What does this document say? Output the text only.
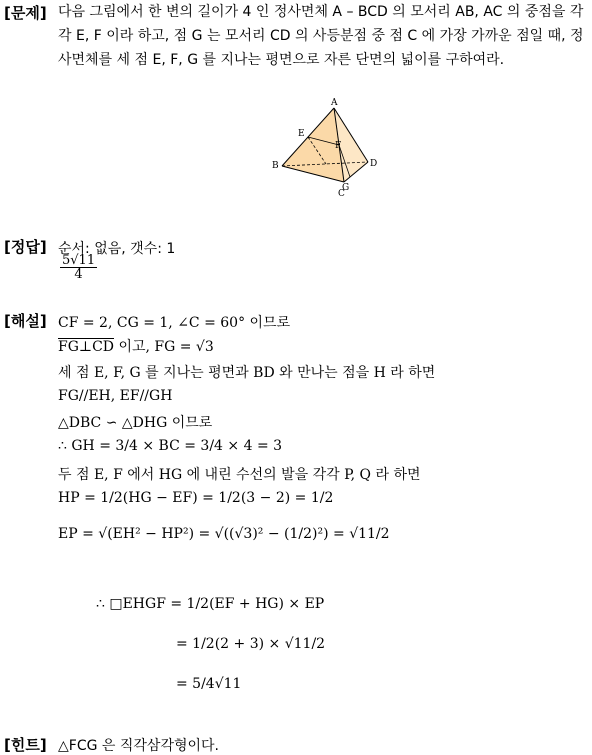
[문제] 다음 그림에서 한 변의 길이가 4 인 정사면체 A – BCD 의 모서리 AB, AC 의 중점을 각각 E, F 이라 하고, 점 G 는 모서리 CD 의 사등분점 중 점 C 에 가장 가까운 점일 때, 정사면체를 세 점 E, F, G 를 지나는 평면으로 자른 단면의 넓이를 구하여라.
A
B
C
D
E
F
G
[정답] 순서: 없음, 갯수: 1
$\frac{5√11}{4}$
[해설] CF = 2, CG = 1, ∠C = 60° 이므로
FG⊥CD 이고, FG = √3
세 점 E, F, G 를 지나는 평면과 BD 와 만나는 점을 H 라 하면
FG//EH, EF//GH
△DBC ∽ △DHG 이므로
∴ GH = 3/4 × BC = 3/4 × 4 = 3
두 점 E, F 에서 HG 에 내린 수선의 발을 각각 P, Q 라 하면
HP = 1/2(HG − EF) = 1/2(3 − 2) = 1/2
EP = √(EH² − HP²) = √((√3)² − (1/2)²) = √11/2
∴ □EHGF = 1/2(EF + HG) × EP
= 1/2(2 + 3) × √11/2
= 5/4√11
[힌트] △FCG 은 직각삼각형이다.
